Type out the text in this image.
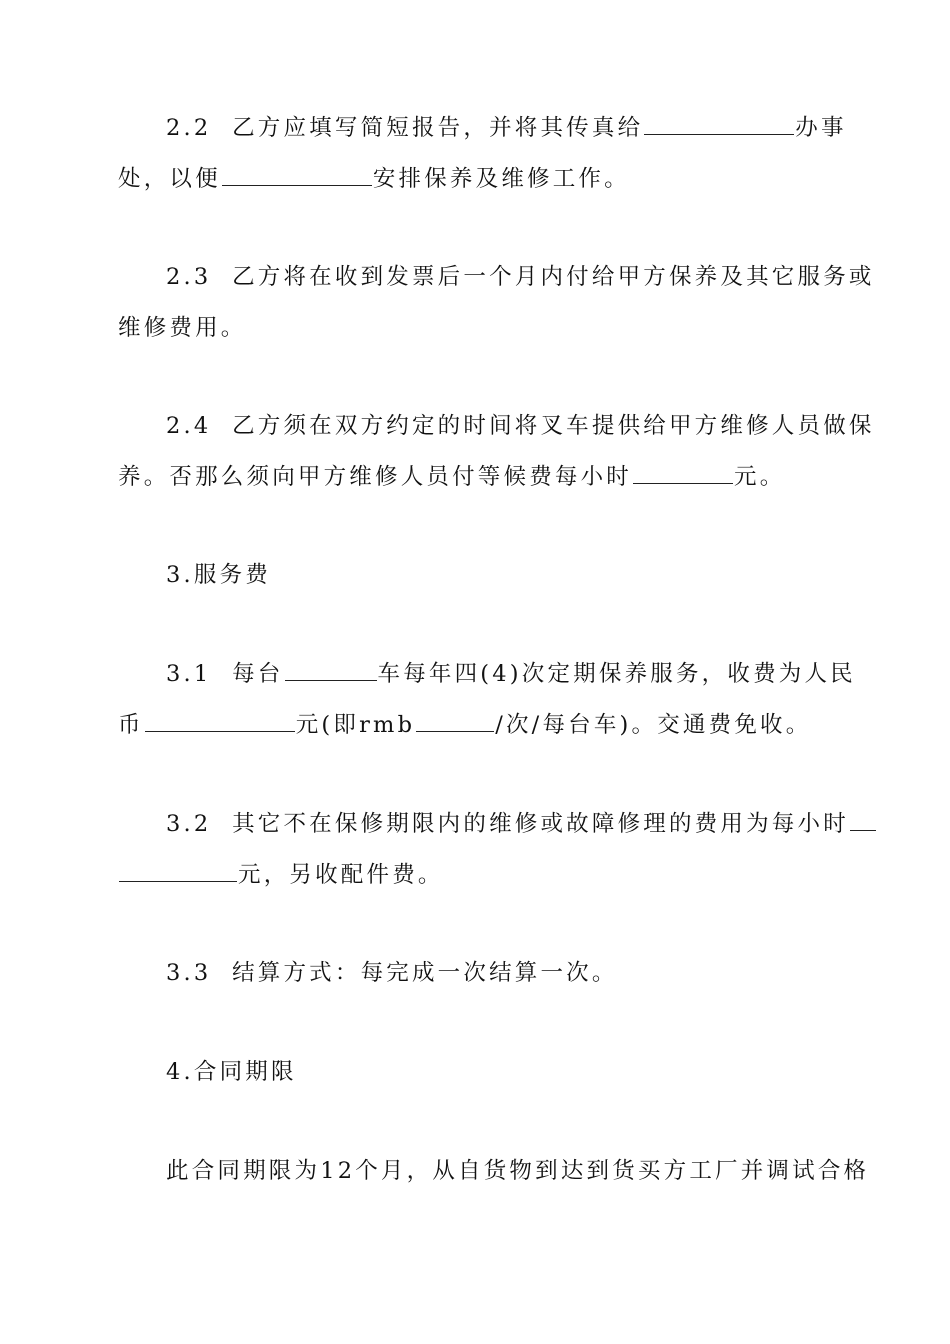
2.2  乙方应填写简短报告，并将其传真给	办事
处，以便	安排保养及维修工作。
2.3  乙方将在收到发票后一个月内付给甲方保养及其它服务或
维修费用。
2.4  乙方须在双方约定的时间将叉车提供给甲方维修人员做保
养。否那么须向甲方维修人员付等候费每小时	元。
3.服务费
3.1  每台	车每年四(4)次定期保养服务，收费为人民
币	元(即rmb	/次/每台车)。交通费免收。
3.2  其它不在保修期限内的维修或故障修理的费用为每小时
元，另收配件费。
3.3  结算方式：每完成一次结算一次。
4.合同期限
此合同期限为12个月，从自货物到达到货买方工厂并调试合格
